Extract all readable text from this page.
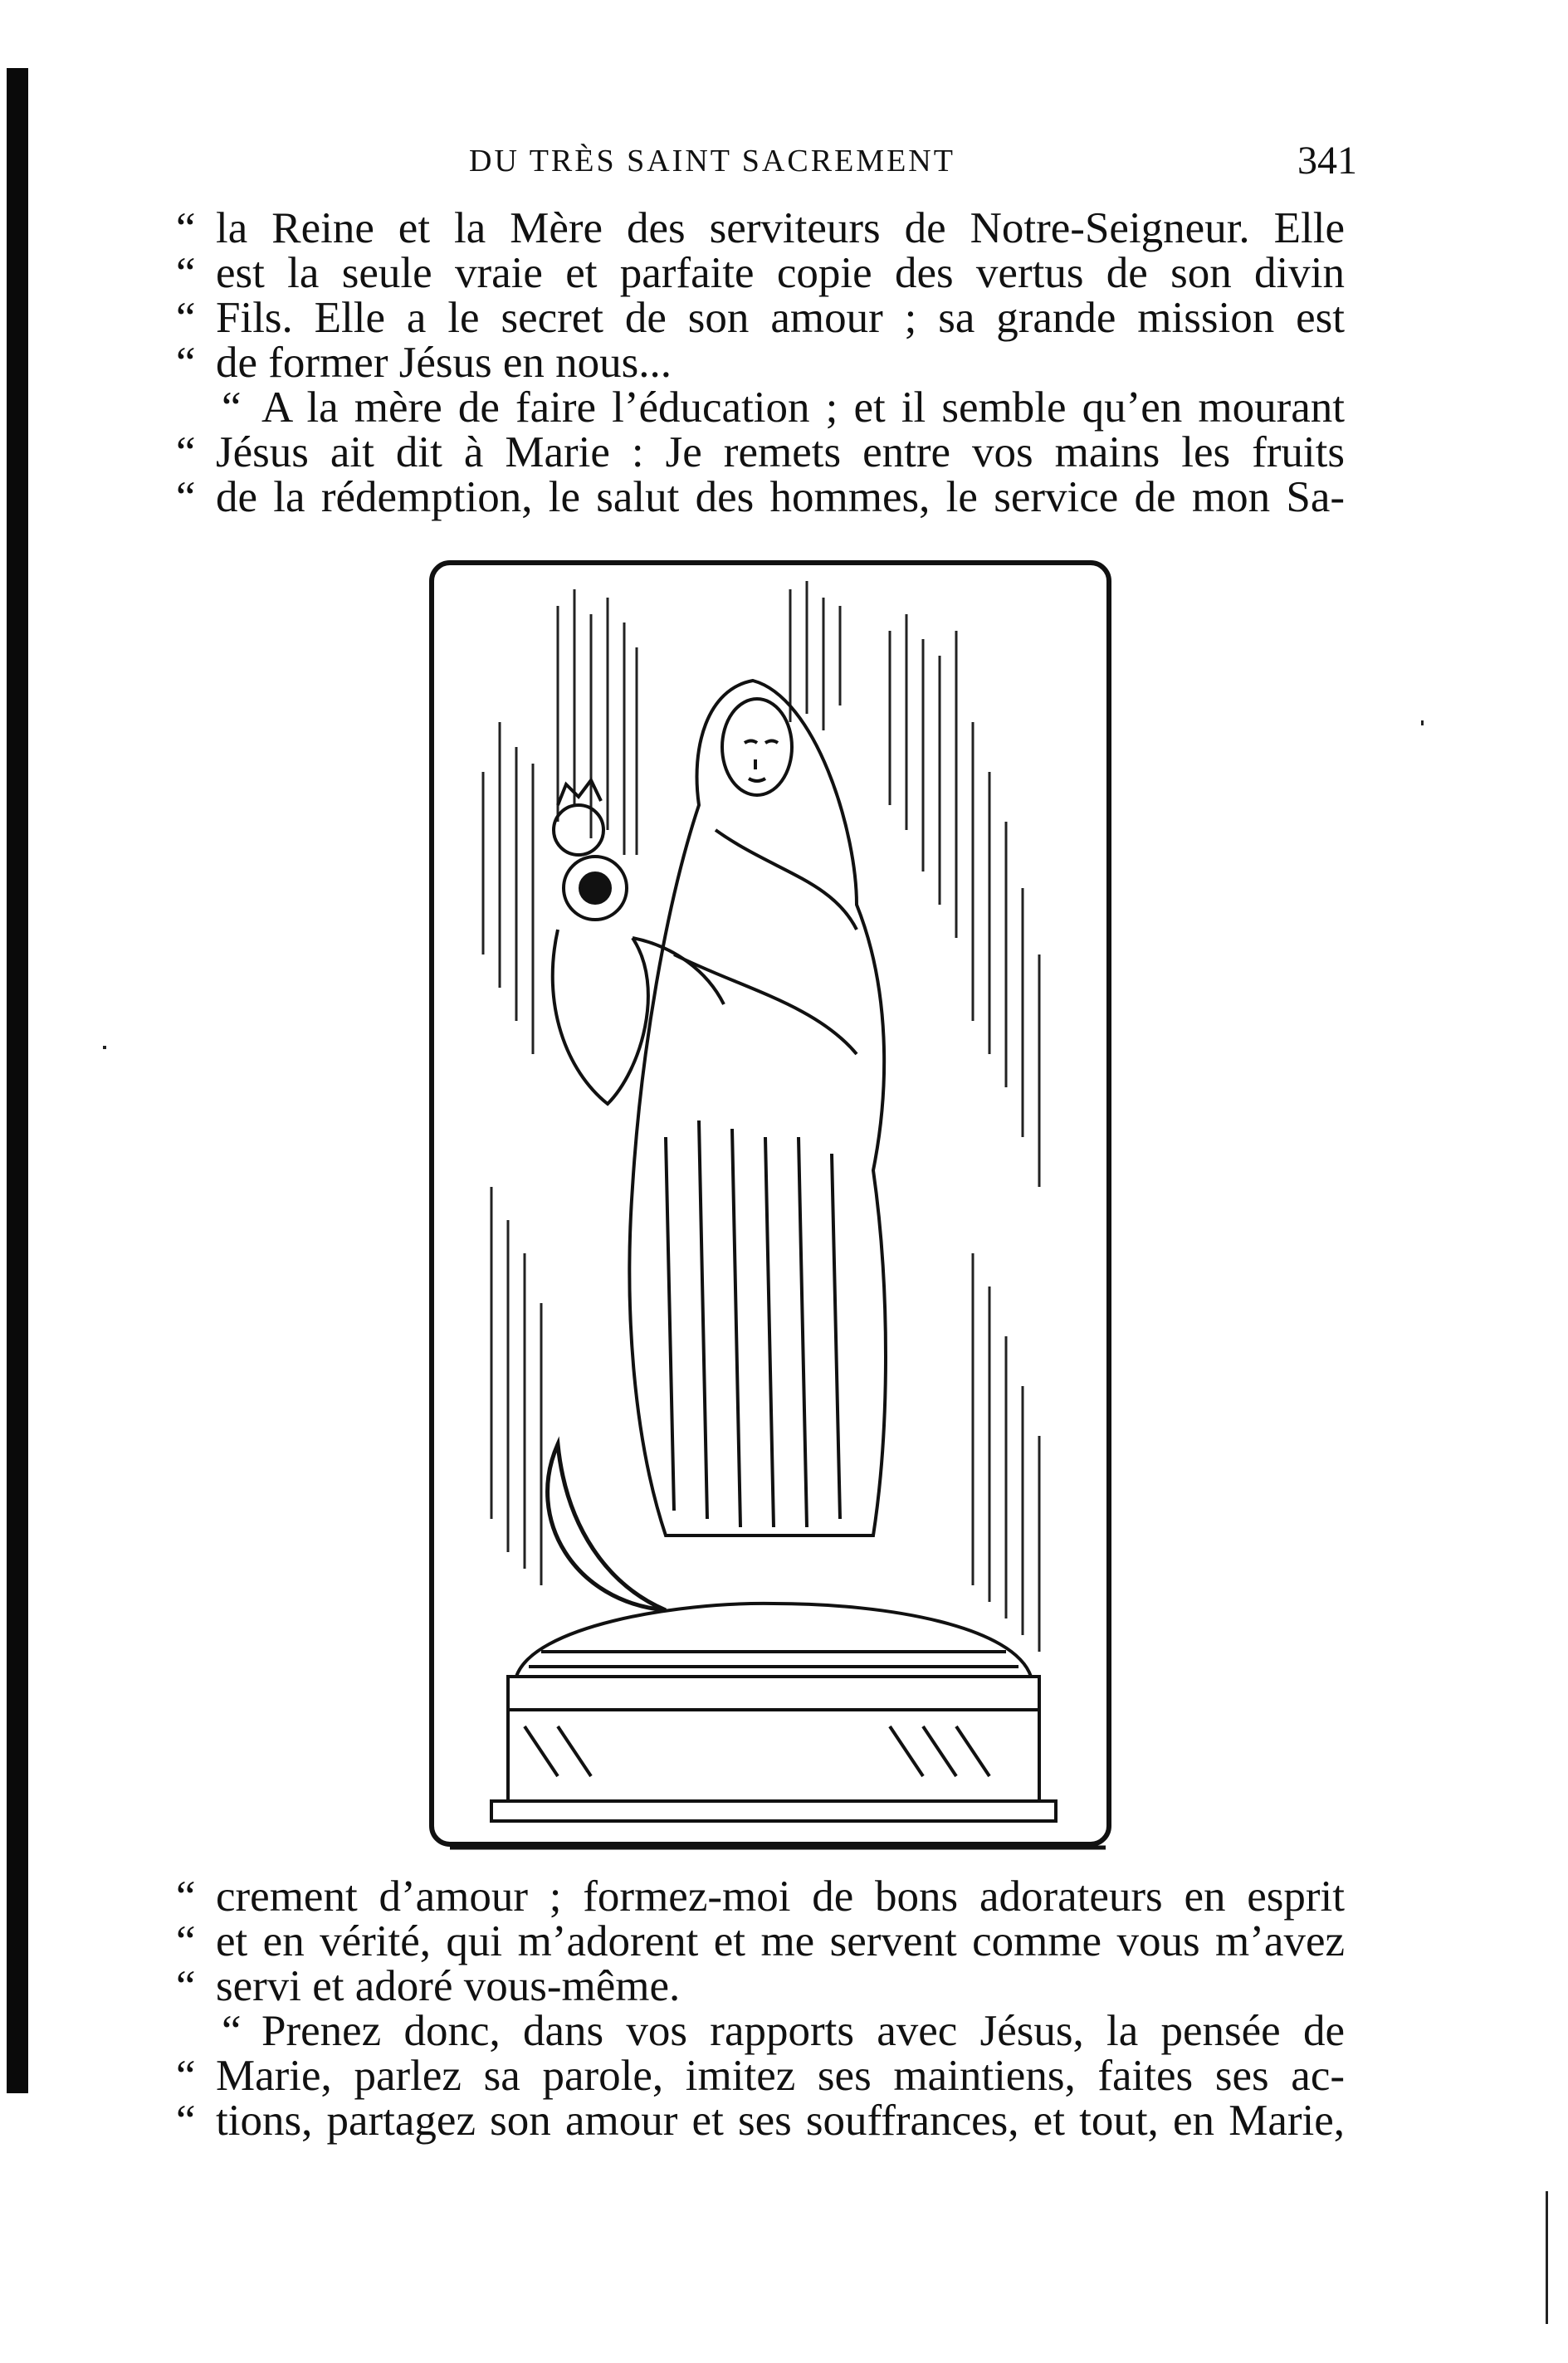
DU TRÈS SAINT SACREMENT	341
“ la Reine et la Mère des serviteurs de Notre-Seigneur. Elle
“ est la seule vraie et parfaite copie des vertus de son divin
“ Fils. Elle a le secret de son amour ; sa grande mission est
“ de former Jésus en nous...
“ A la mère de faire l’éducation ; et il semble qu’en mourant
“ Jésus ait dit à Marie : Je remets entre vos mains les fruits
“ de la rédemption, le salut des hommes, le service de mon Sa-
“ crement d’amour ; formez-moi de bons adorateurs en esprit
“ et en vérité, qui m’adorent et me servent comme vous m’avez
“ servi et adoré vous-même.
“ Prenez donc, dans vos rapports avec Jésus, la pensée de
“ Marie, parlez sa parole, imitez ses maintiens, faites ses ac-
“ tions, partagez son amour et ses souffrances, et tout, en Marie,
